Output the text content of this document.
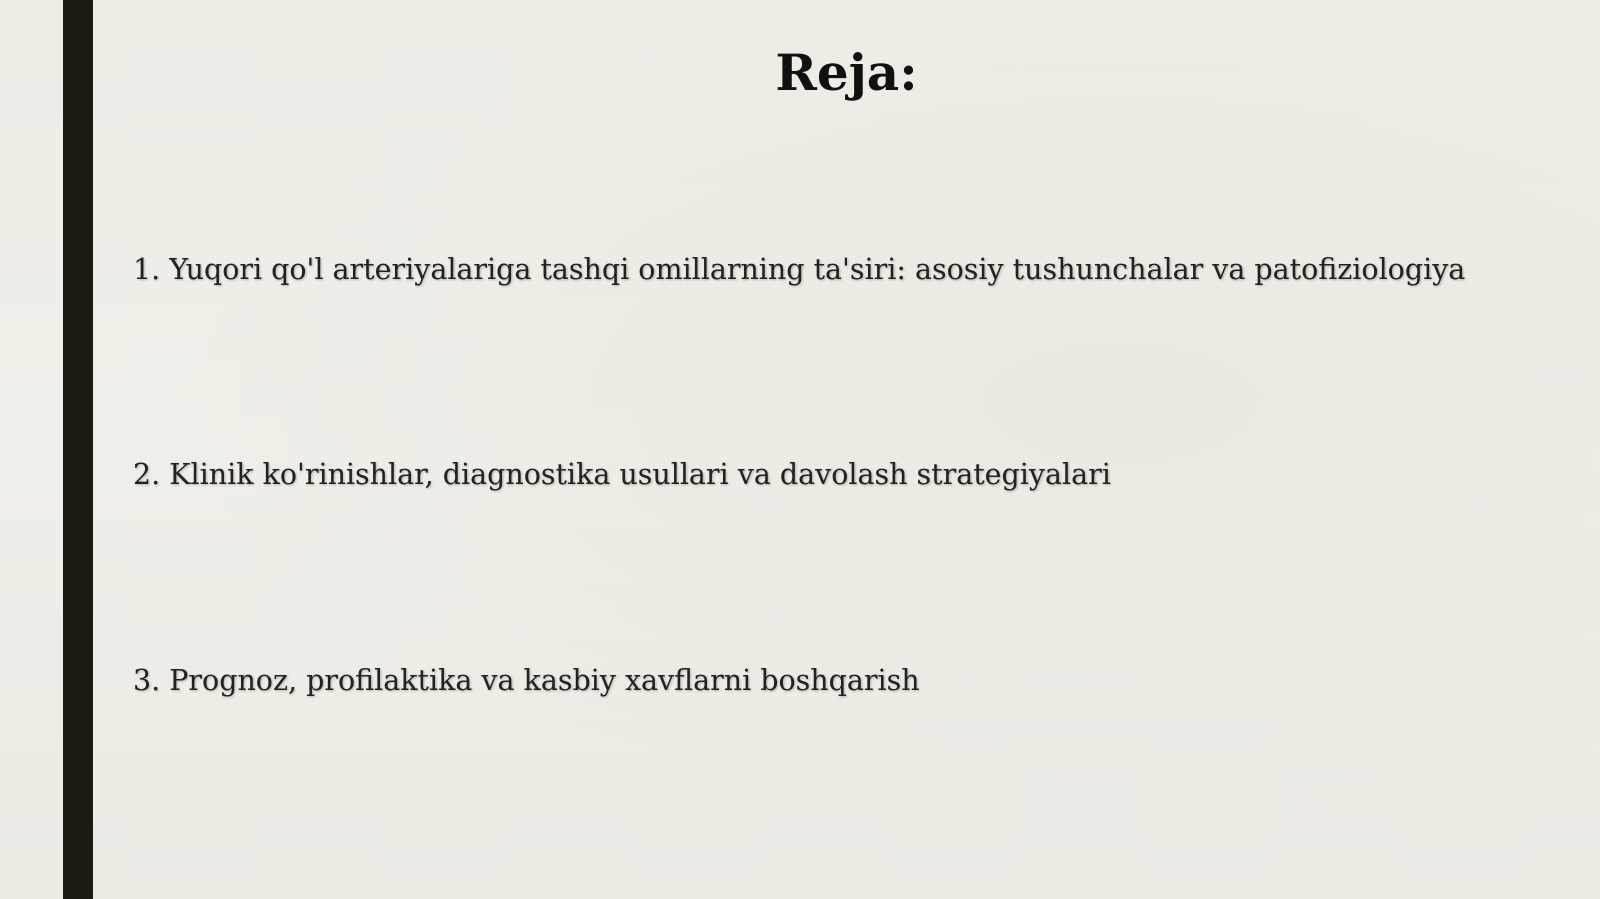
Reja:
1. Yuqori qo'l arteriyalariga tashqi omillarning ta'siri: asosiy tushunchalar va patofiziologiya
2. Klinik ko'rinishlar, diagnostika usullari va davolash strategiyalari
3. Prognoz, profilaktika va kasbiy xavflarni boshqarish
